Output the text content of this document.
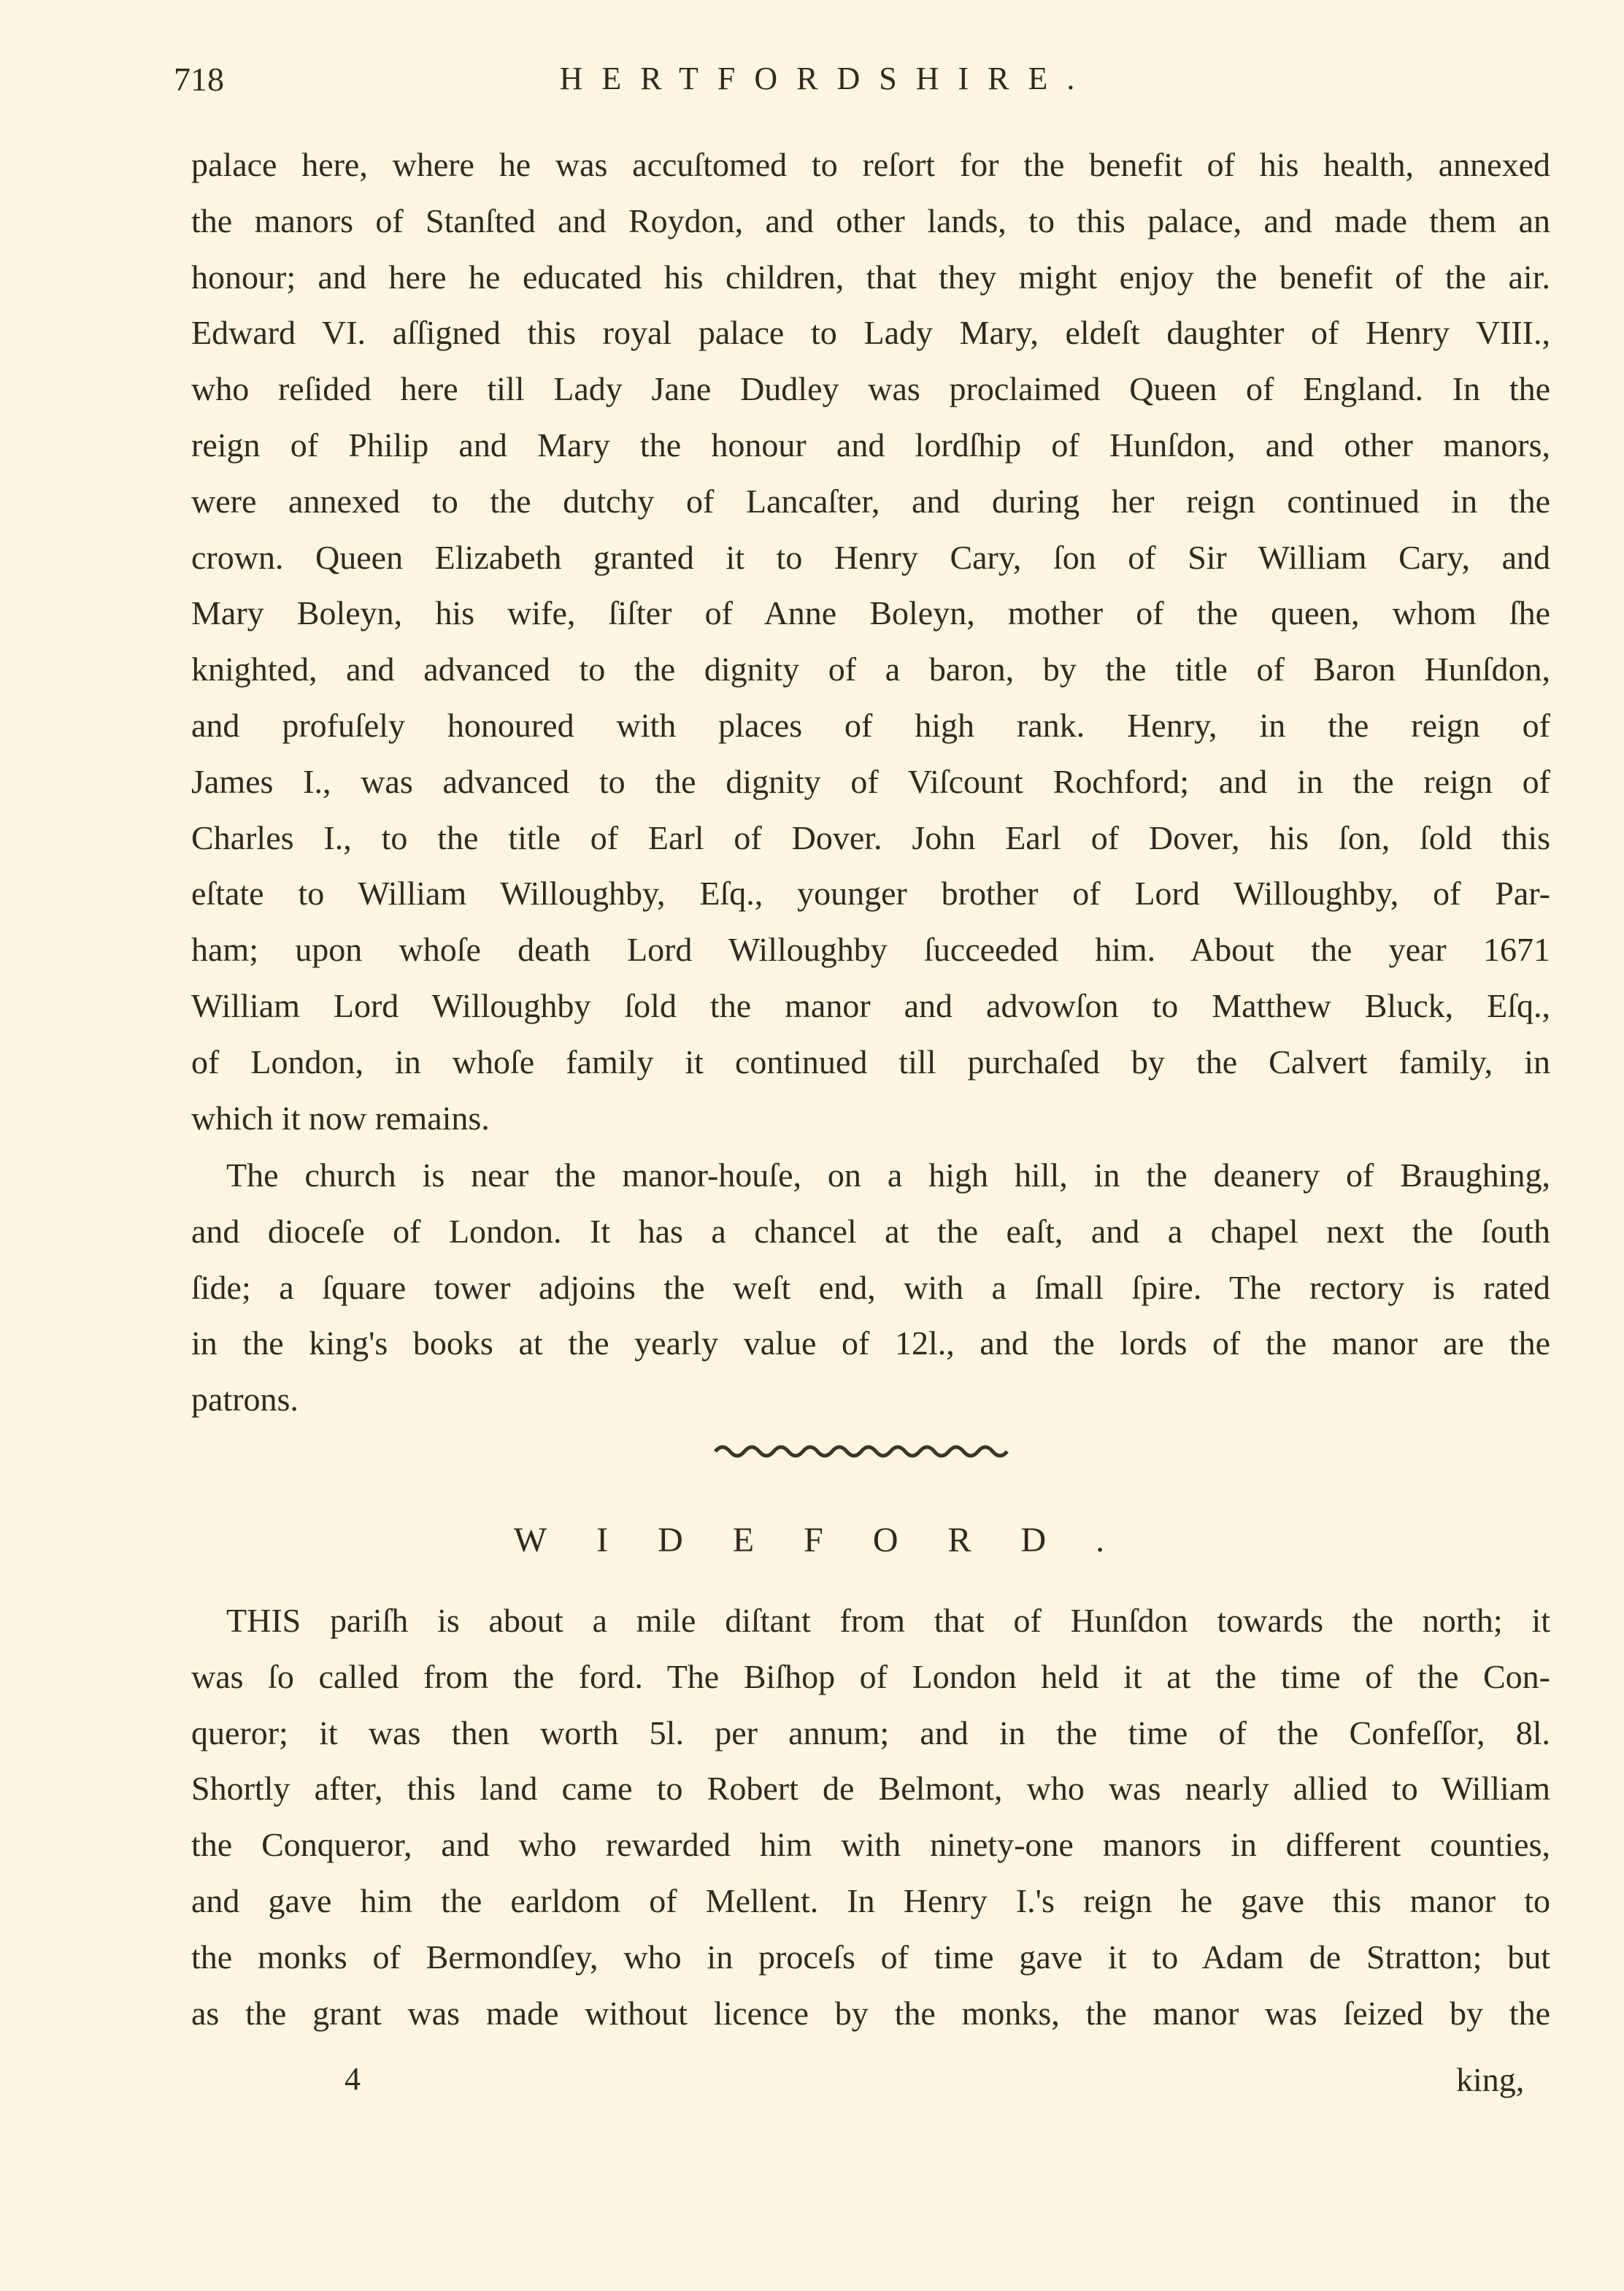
718	HERTFORDSHIRE.
palace here, where he was accuſtomed to reſort for the benefit of his health, annexed
the manors of Stanſted and Roydon, and other lands, to this palace, and made them an
honour; and here he educated his children, that they might enjoy the benefit of the air.
Edward VI. aſſigned this royal palace to Lady Mary, eldeſt daughter of Henry VIII.,
who reſided here till Lady Jane Dudley was proclaimed Queen of England. In the
reign of Philip and Mary the honour and lordſhip of Hunſdon, and other manors,
were annexed to the dutchy of Lancaſter, and during her reign continued in the
crown. Queen Elizabeth granted it to Henry Cary, ſon of Sir William Cary, and
Mary Boleyn, his wife, ſiſter of Anne Boleyn, mother of the queen, whom ſhe
knighted, and advanced to the dignity of a baron, by the title of Baron Hunſdon,
and profuſely honoured with places of high rank. Henry, in the reign of
James I., was advanced to the dignity of Viſcount Rochford; and in the reign of
Charles I., to the title of Earl of Dover. John Earl of Dover, his ſon, ſold this
eſtate to William Willoughby, Eſq., younger brother of Lord Willoughby, of Par-
ham; upon whoſe death Lord Willoughby ſucceeded him. About the year 1671
William Lord Willoughby ſold the manor and advowſon to Matthew Bluck, Eſq.,
of London, in whoſe family it continued till purchaſed by the Calvert family, in
which it now remains.
The church is near the manor-houſe, on a high hill, in the deanery of Braughing,
and dioceſe of London. It has a chancel at the eaſt, and a chapel next the ſouth
ſide; a ſquare tower adjoins the weſt end, with a ſmall ſpire. The rectory is rated
in the king's books at the yearly value of 12l., and the lords of the manor are the
patrons.
WIDEFORD.
THIS pariſh is about a mile diſtant from that of Hunſdon towards the north; it
was ſo called from the ford. The Biſhop of London held it at the time of the Con-
queror; it was then worth 5l. per annum; and in the time of the Confeſſor, 8l.
Shortly after, this land came to Robert de Belmont, who was nearly allied to William
the Conqueror, and who rewarded him with ninety-one manors in different counties,
and gave him the earldom of Mellent. In Henry I.'s reign he gave this manor to
the monks of Bermondſey, who in proceſs of time gave it to Adam de Stratton; but
as the grant was made without licence by the monks, the manor was ſeized by the
4	king,
